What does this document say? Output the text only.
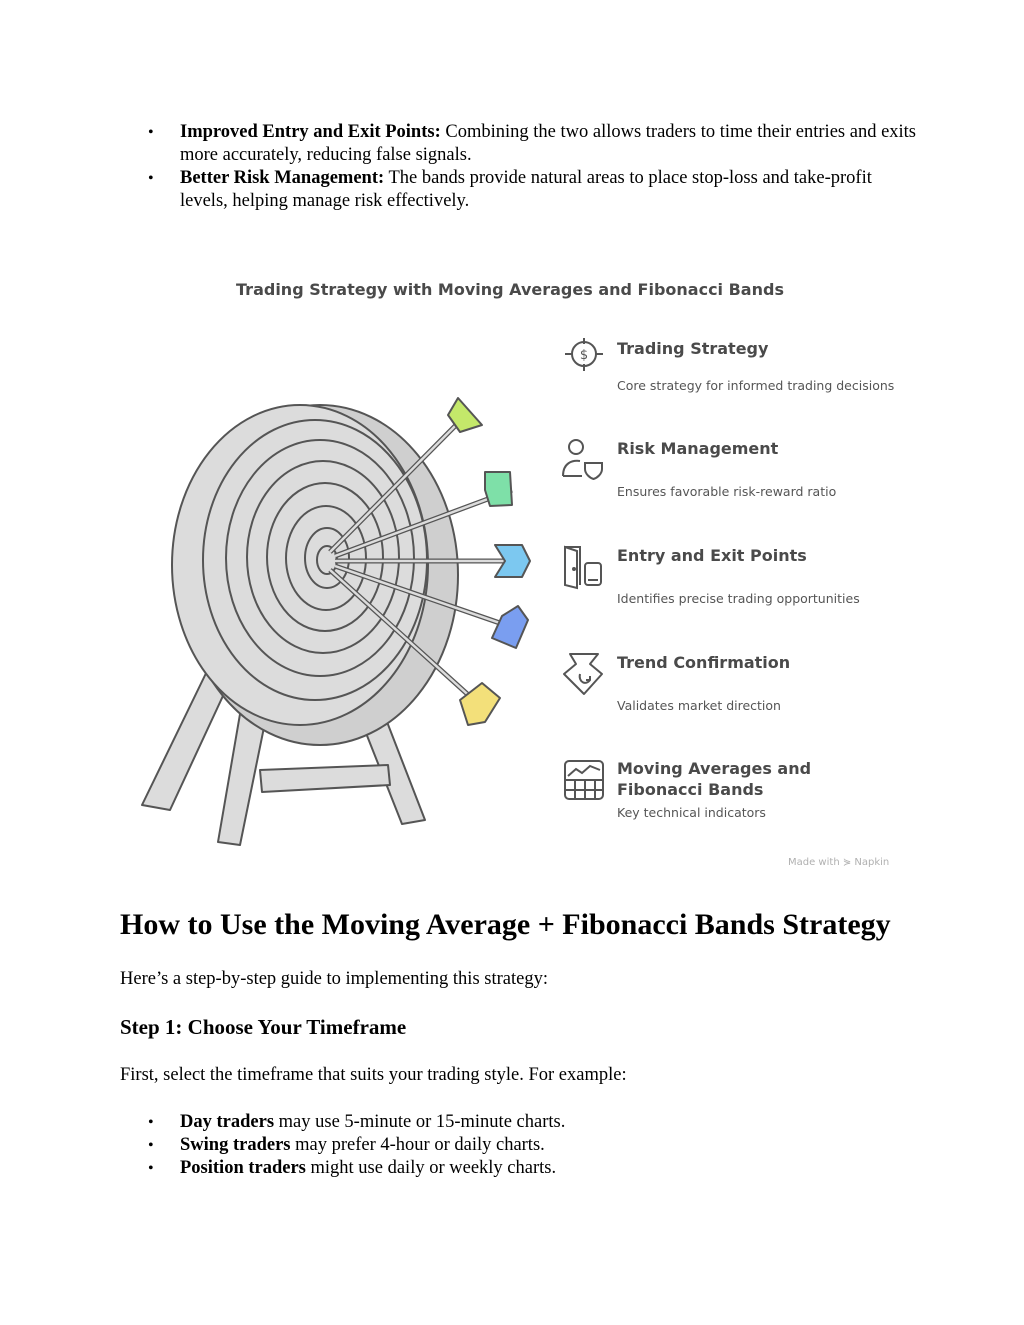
• Improved Entry and Exit Points: Combining the two allows traders to time their entries and exits more accurately, reducing false signals.
• Better Risk Management: The bands provide natural areas to place stop-loss and take-profit levels, helping manage risk effectively.
Trading Strategy with Moving Averages and Fibonacci Bands
$ Trading Strategy
Core strategy for informed trading decisions
Risk Management
Ensures favorable risk-reward ratio
Entry and Exit Points
Identifies precise trading opportunities
Trend Confirmation
Validates market direction
Moving Averages and Fibonacci Bands
Key technical indicators
Made with ⋟ Napkin
How to Use the Moving Average + Fibonacci Bands Strategy

Here’s a step-by-step guide to implementing this strategy:

Step 1: Choose Your Timeframe

First, select the timeframe that suits your trading style. For example:

• Day traders may use 5-minute or 15-minute charts.
• Swing traders may prefer 4-hour or daily charts.
• Position traders might use daily or weekly charts.
